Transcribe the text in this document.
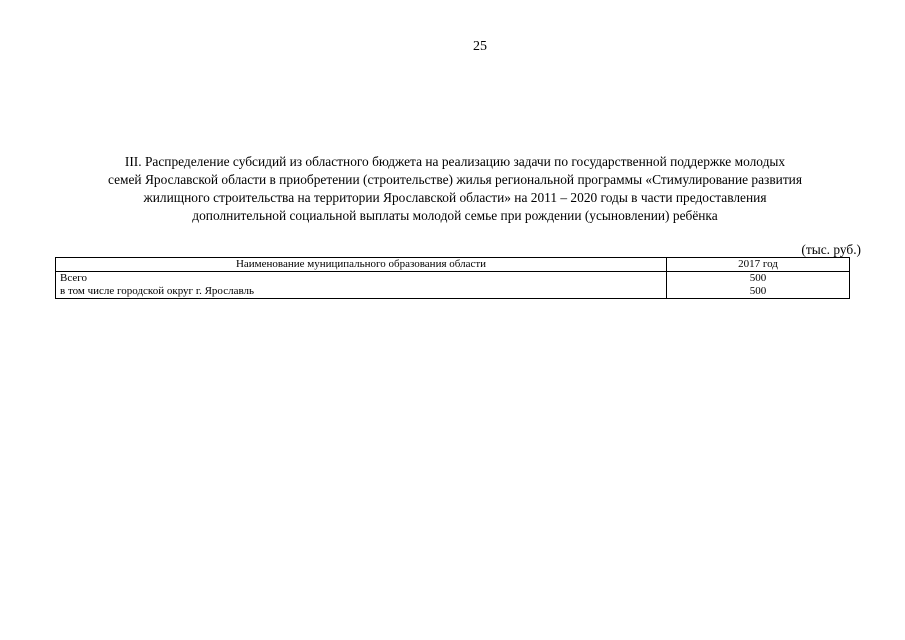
25
III. Распределение субсидий из областного бюджета на реализацию задачи по государственной поддержке молодых
семей Ярославской области в приобретении (строительстве) жилья региональной программы «Стимулирование развития
жилищного строительства на территории Ярославской области» на 2011 – 2020 годы в части предоставления
дополнительной социальной выплаты молодой семье при рождении (усыновлении) ребёнка
(тыс. руб.)
Наименование муниципального образования области	2017 год
Всего	500
в том числе городской округ г. Ярославль	500
